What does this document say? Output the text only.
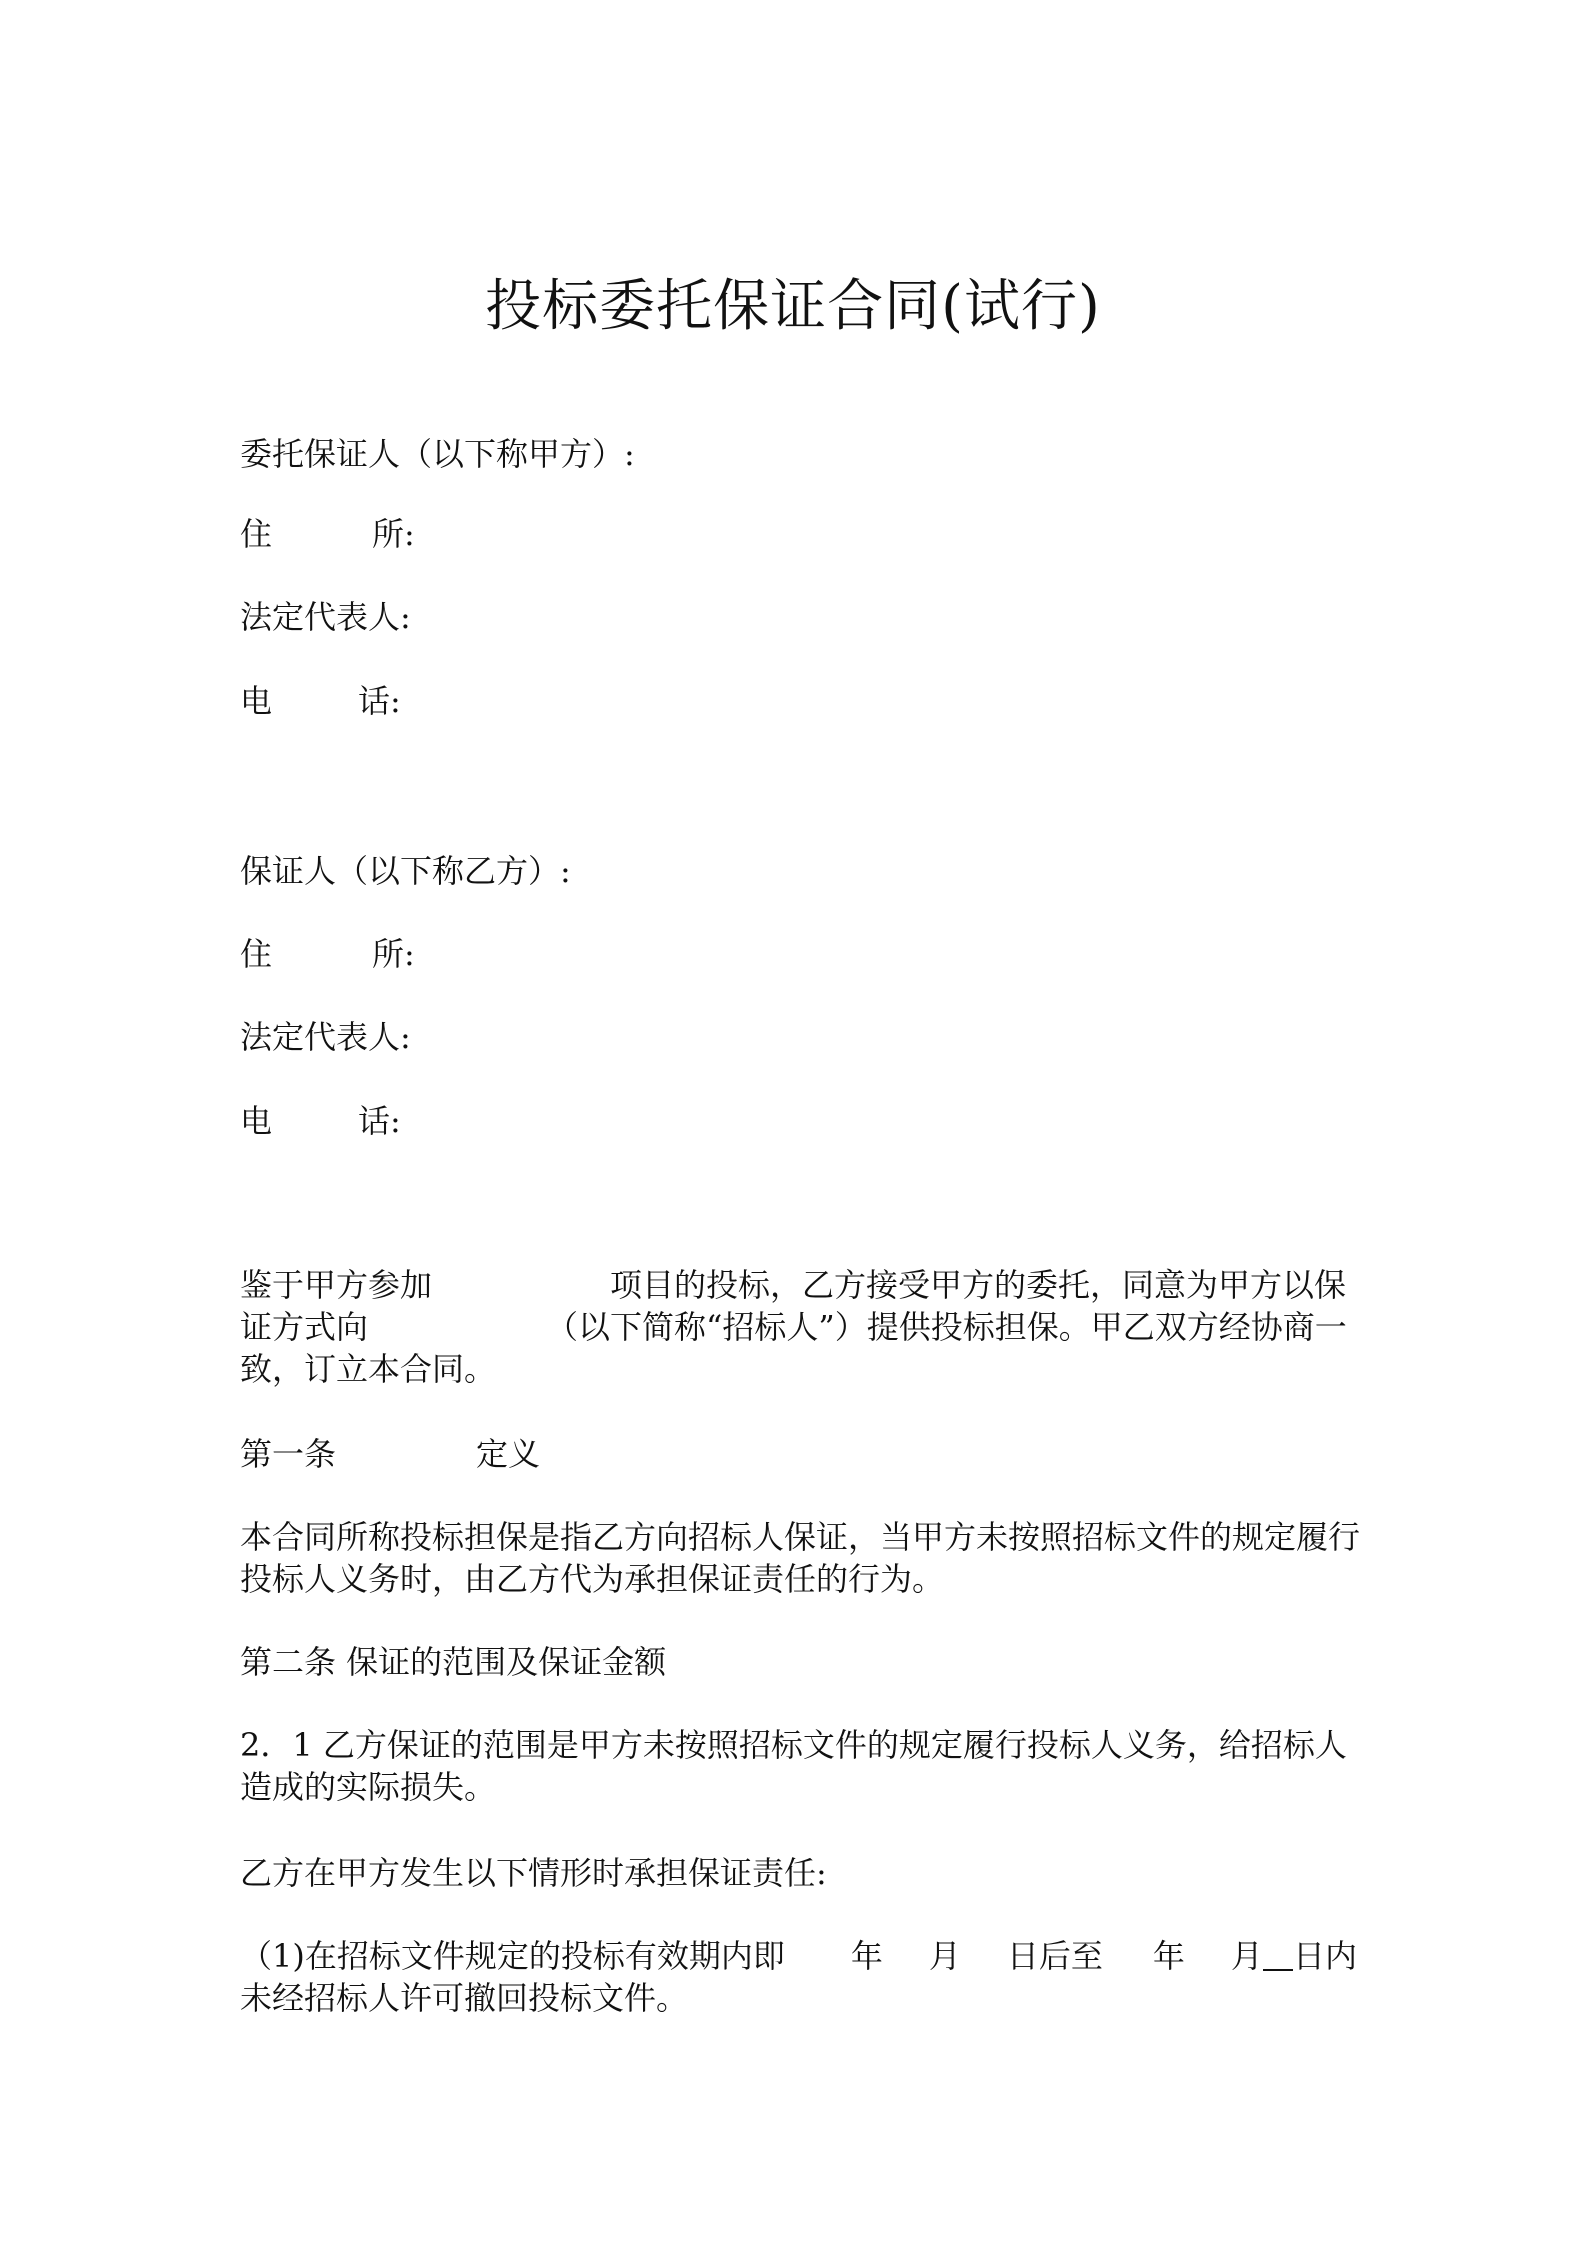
投标委托保证合同(试行)
委托保证人（以下称甲方）:
住	所:
法定代表人:
电	话:
保证人（以下称乙方）:
住	所:
法定代表人:
电	话:
鉴于甲方参加	项目的投标，乙方接受甲方的委托，同意为甲方以保
证方式向	（以下简称“招标人”）提供投标担保。甲乙双方经协商一
致，订立本合同。
第一条	定义
本合同所称投标担保是指乙方向招标人保证，当甲方未按照招标文件的规定履行
投标人义务时，由乙方代为承担保证责任的行为。
第二条 保证的范围及保证金额
2．1 乙方保证的范围是甲方未按照招标文件的规定履行投标人义务，给招标人
造成的实际损失。
乙方在甲方发生以下情形时承担保证责任:
（1)在招标文件规定的投标有效期内即 年 月 日后至 年 月 日内
未经招标人许可撤回投标文件。
